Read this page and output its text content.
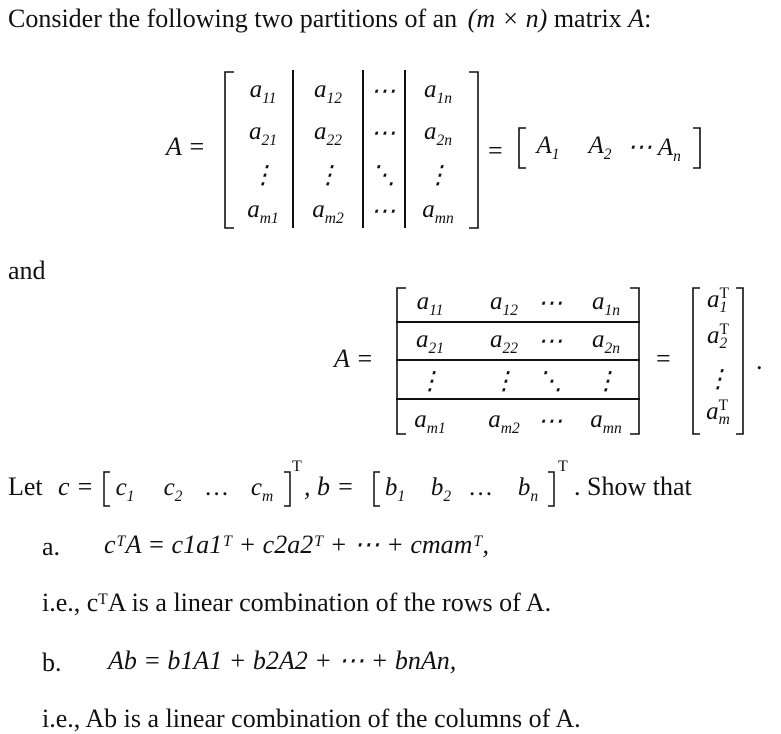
Consider the following two partitions of an (m × n) matrix A:
A =
$a_{11}$	$a_{12}$	⋯	$a_{1n}$
$a_{21}$	$a_{22}$	⋯	$a_{2n}$
⋮	⋮	⋱	⋮
$a_{m1}$	$a_{m2}$	⋯	$a_{mn}$
=	$A_1$	$A_2$ ⋯ $A_n$
and
A =
$a_{11}$	$a_{12}$ ⋯	$a_{1n}$
$a_{21}$	$a_{22}$ ⋯	$a_{2n}$
⋮	⋮ ⋱	⋮
$a_{m1}$	$a_{m2}$ ⋯	$a_{mn}$
=
a T
1
a T
2
⋮
a T
m
.
Let c =
T
$c_1$ $c_2$ … $c_m$	, b =
T
$b_1$ $b_2$ …	$b_n$	. Show that
a. cᵀA = c1a1ᵀ + c2a2ᵀ + ⋯ + cmamᵀ,
i.e., cᵀA is a linear combination of the rows of A.
b. Ab = b1A1 + b2A2 + ⋯ + bnAn,
i.e., Ab is a linear combination of the columns of A.
